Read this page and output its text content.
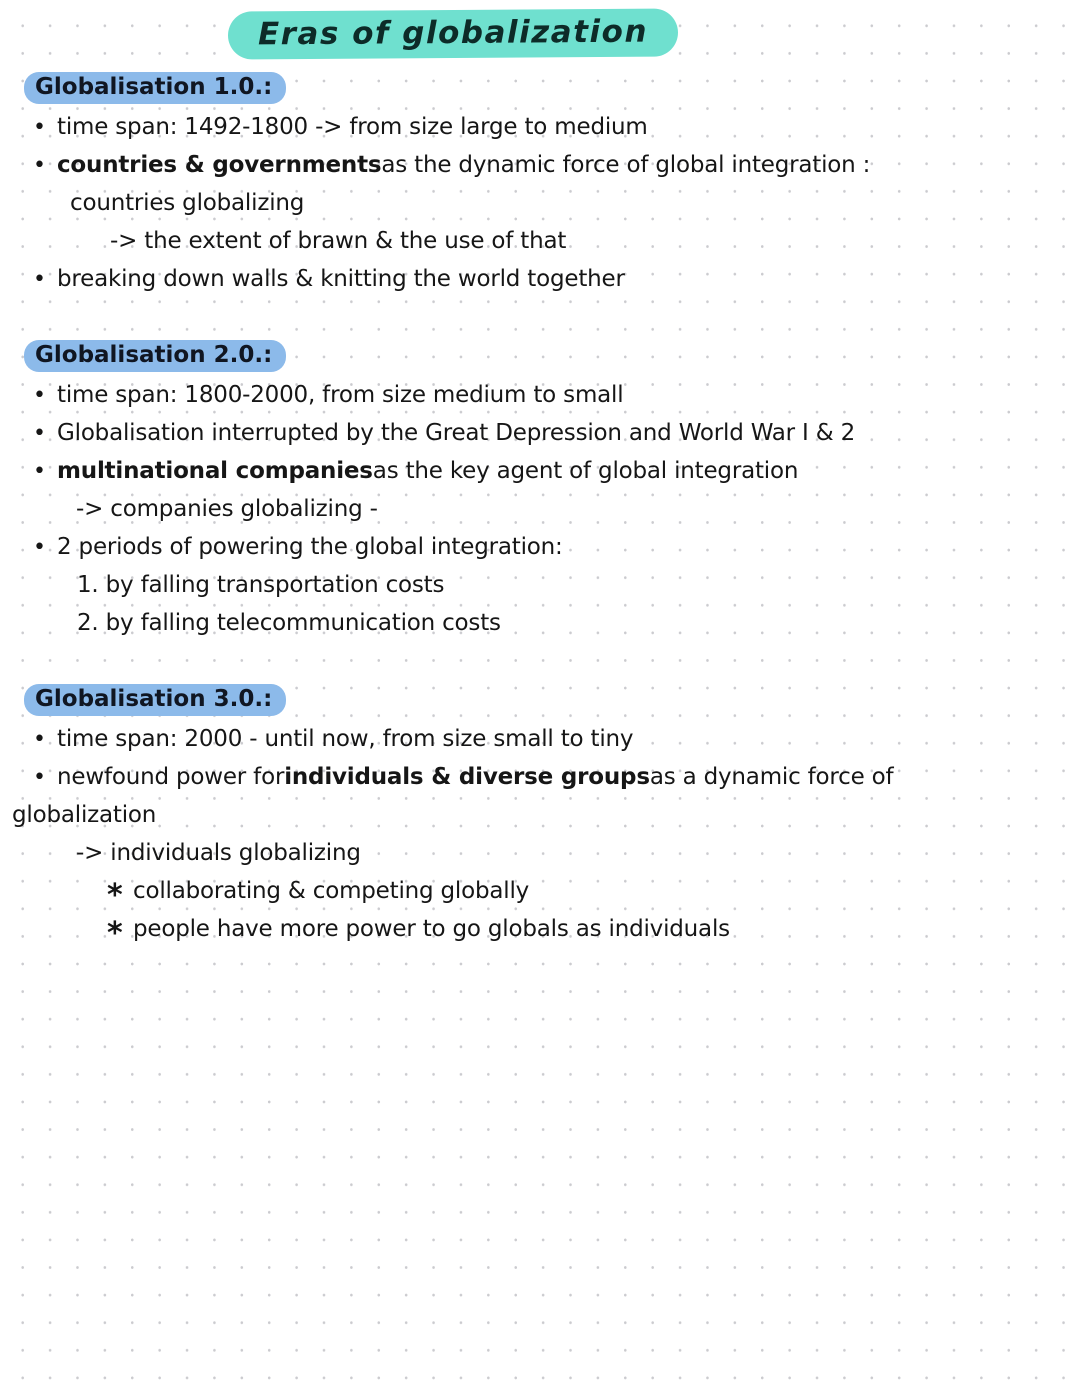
Eras of globalization
Globalisation 1.0.:
• time span: 1492-1800 -> from size large to medium
• countries & governments as the dynamic force of global integration :
countries globalizing
-> the extent of brawn & the use of that
• breaking down walls & knitting the world together
Globalisation 2.0.:
• time span: 1800-2000, from size medium to small
• Globalisation interrupted by the Great Depression and World War I & 2
• multinational companies as the key agent of global integration
-> companies globalizing -
• 2 periods of powering the global integration:
1. by falling transportation costs
2. by falling telecommunication costs
Globalisation 3.0.:
• time span: 2000 - until now, from size small to tiny
• newfound power for individuals & diverse groups as a dynamic force of
globalization
-> individuals globalizing
* collaborating & competing globally
* people have more power to go globals as individuals
